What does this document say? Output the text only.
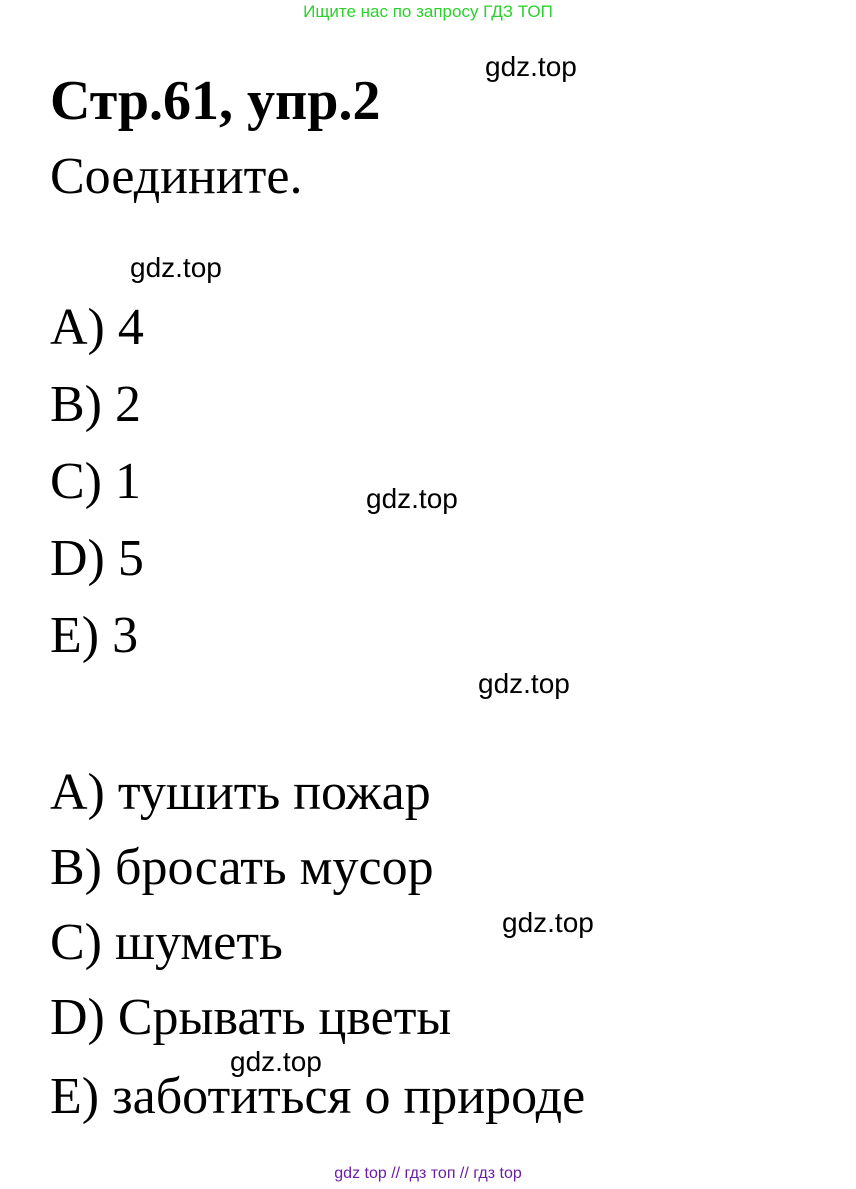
Ищите нас по запросу ГДЗ ТОП
Стр.61, упр.2
Соедините.
gdz.top
gdz.top
gdz.top
gdz.top
gdz.top
gdz.top
A) 4
B) 2
C) 1
D) 5
E) 3
A) тушить пожар
B) бросать мусор
C) шуметь
D) Срывать цветы
E) заботиться о природе
gdz top // гдз топ // гдз top
